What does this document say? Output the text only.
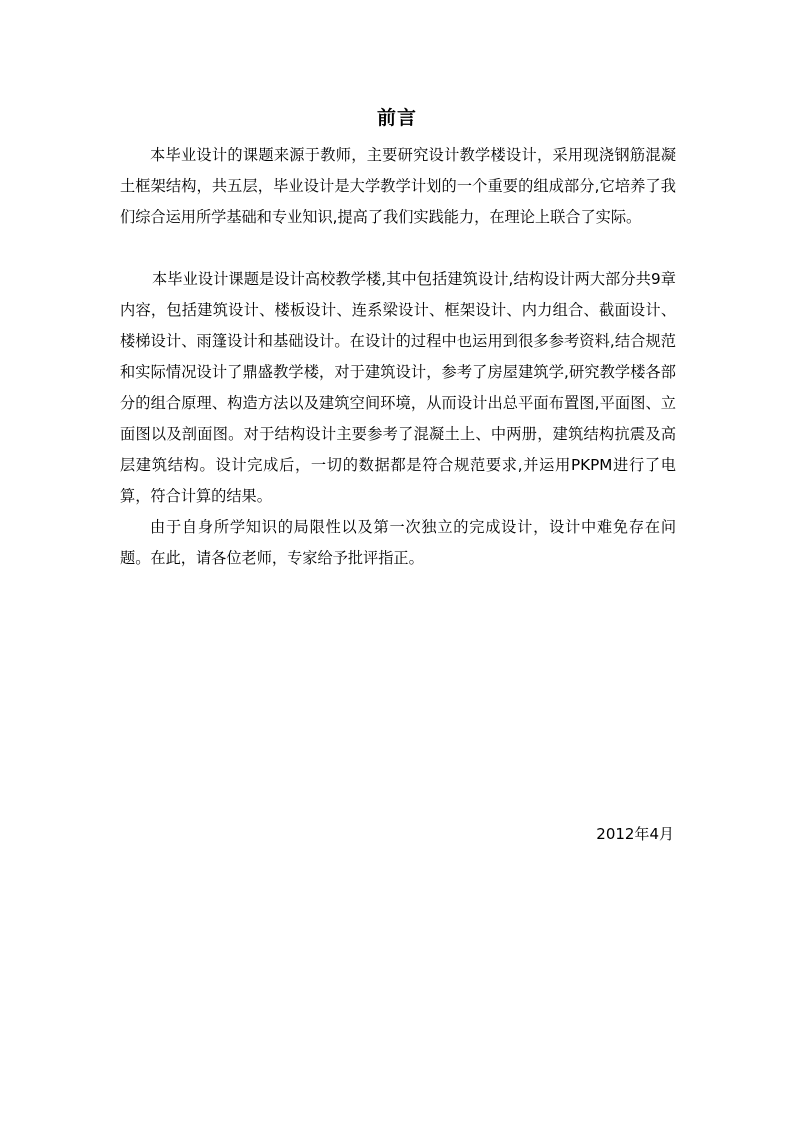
前言

本毕业设计的课题来源于教师，主要研究设计教学楼设计，采用现浇钢筋混凝土框架结构，共五层，毕业设计是大学教学计划的一个重要的组成部分,它培养了我们综合运用所学基础和专业知识,提高了我们实践能力，在理论上联合了实际。

本毕业设计课题是设计高校教学楼,其中包括建筑设计,结构设计两大部分共9章内容，包括建筑设计、楼板设计、连系梁设计、框架设计、内力组合、截面设计、楼梯设计、雨篷设计和基础设计。在设计的过程中也运用到很多参考资料,结合规范和实际情况设计了鼎盛教学楼，对于建筑设计，参考了房屋建筑学,研究教学楼各部分的组合原理、构造方法以及建筑空间环境，从而设计出总平面布置图,平面图、立面图以及剖面图。对于结构设计主要参考了混凝土上、中两册，建筑结构抗震及高层建筑结构。设计完成后，一切的数据都是符合规范要求,并运用PKPM进行了电算，符合计算的结果。

由于自身所学知识的局限性以及第一次独立的完成设计，设计中难免存在问题。在此，请各位老师，专家给予批评指正。

2012年4月
